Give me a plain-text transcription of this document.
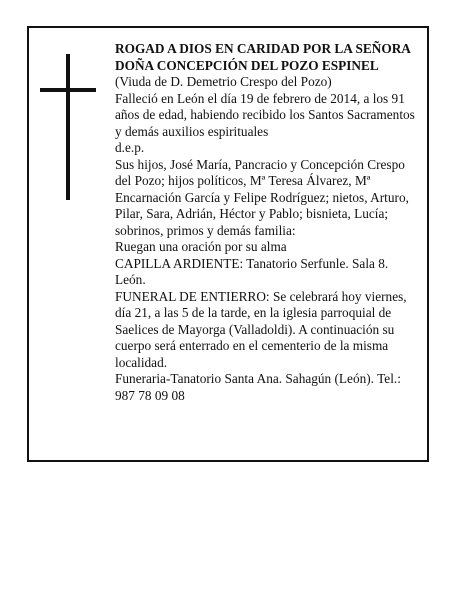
ROGAD A DIOS EN CARIDAD POR LA SEÑORA

DOÑA CONCEPCIÓN DEL POZO ESPINEL

(Viuda de D. Demetrio Crespo del Pozo)

Falleció en León el día 19 de febrero de 2014, a los 91 años de edad, habiendo recibido los Santos Sacramentos y demás auxilios espirituales

d.e.p.

Sus hijos, José María, Pancracio y Concepción Crespo del Pozo; hijos políticos, Mª Teresa Álvarez, Mª Encarnación García y Felipe Rodríguez; nietos, Arturo, Pilar, Sara, Adrián, Héctor y Pablo; bisnieta, Lucía; sobrinos, primos y demás familia:

Ruegan una oración por su alma

CAPILLA ARDIENTE: Tanatorio Serfunle. Sala 8. León.

FUNERAL DE ENTIERRO: Se celebrará hoy viernes, día 21, a las 5 de la tarde, en la iglesia parroquial de Saelices de Mayorga (Valladoldi). A continuación su cuerpo será enterrado en el cementerio de la misma localidad.

Funeraria-Tanatorio Santa Ana. Sahagún (León). Tel.: 987 78 09 08
